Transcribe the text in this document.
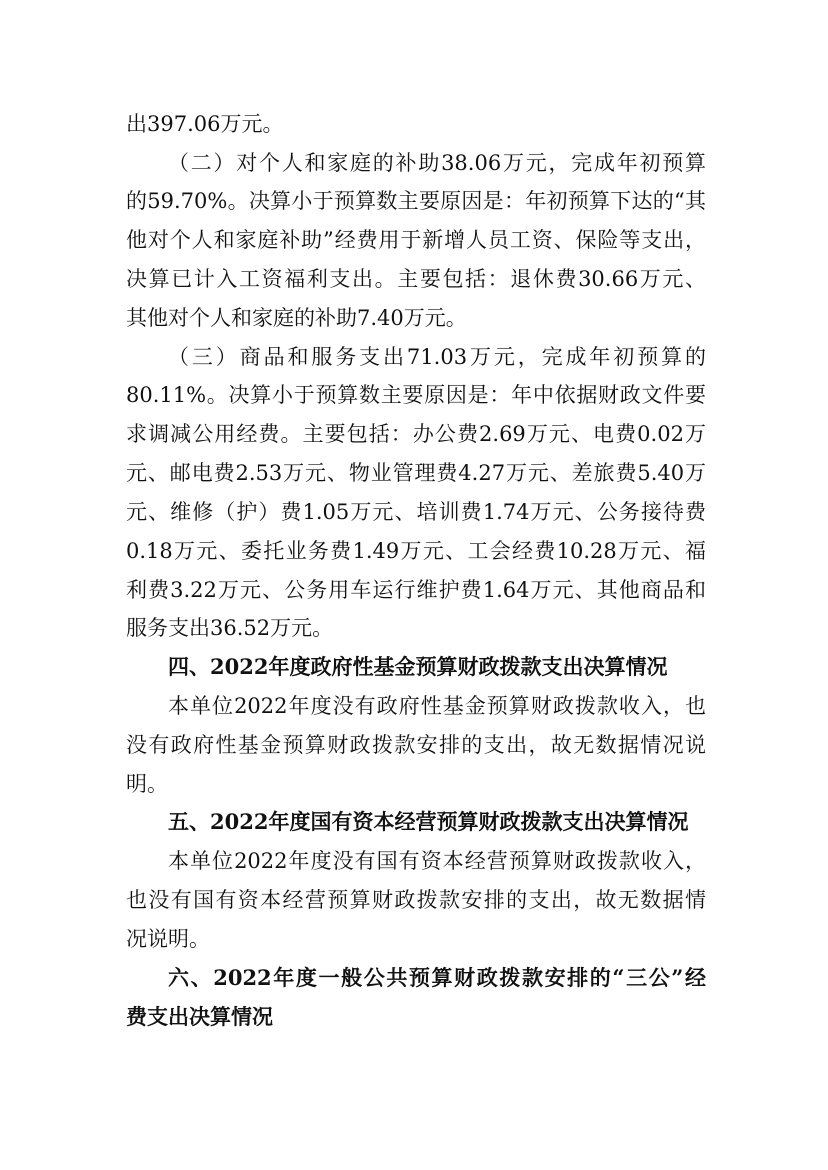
出397.06万元。
（二）对个人和家庭的补助38.06万元，完成年初预算
的59.70%。决算小于预算数主要原因是：年初预算下达的“其
他对个人和家庭补助”经费用于新增人员工资、保险等支出，
决算已计入工资福利支出。主要包括：退休费30.66万元、
其他对个人和家庭的补助7.40万元。
（三）商品和服务支出71.03万元，完成年初预算的
80.11%。决算小于预算数主要原因是：年中依据财政文件要
求调减公用经费。主要包括：办公费2.69万元、电费0.02万
元、邮电费2.53万元、物业管理费4.27万元、差旅费5.40万
元、维修（护）费1.05万元、培训费1.74万元、公务接待费
0.18万元、委托业务费1.49万元、工会经费10.28万元、福
利费3.22万元、公务用车运行维护费1.64万元、其他商品和
服务支出36.52万元。
四、2022年度政府性基金预算财政拨款支出决算情况
本单位2022年度没有政府性基金预算财政拨款收入，也
没有政府性基金预算财政拨款安排的支出，故无数据情况说
明。
五、2022年度国有资本经营预算财政拨款支出决算情况
本单位2022年度没有国有资本经营预算财政拨款收入，
也没有国有资本经营预算财政拨款安排的支出，故无数据情
况说明。
六、2022年度一般公共预算财政拨款安排的“三公”经
费支出决算情况
